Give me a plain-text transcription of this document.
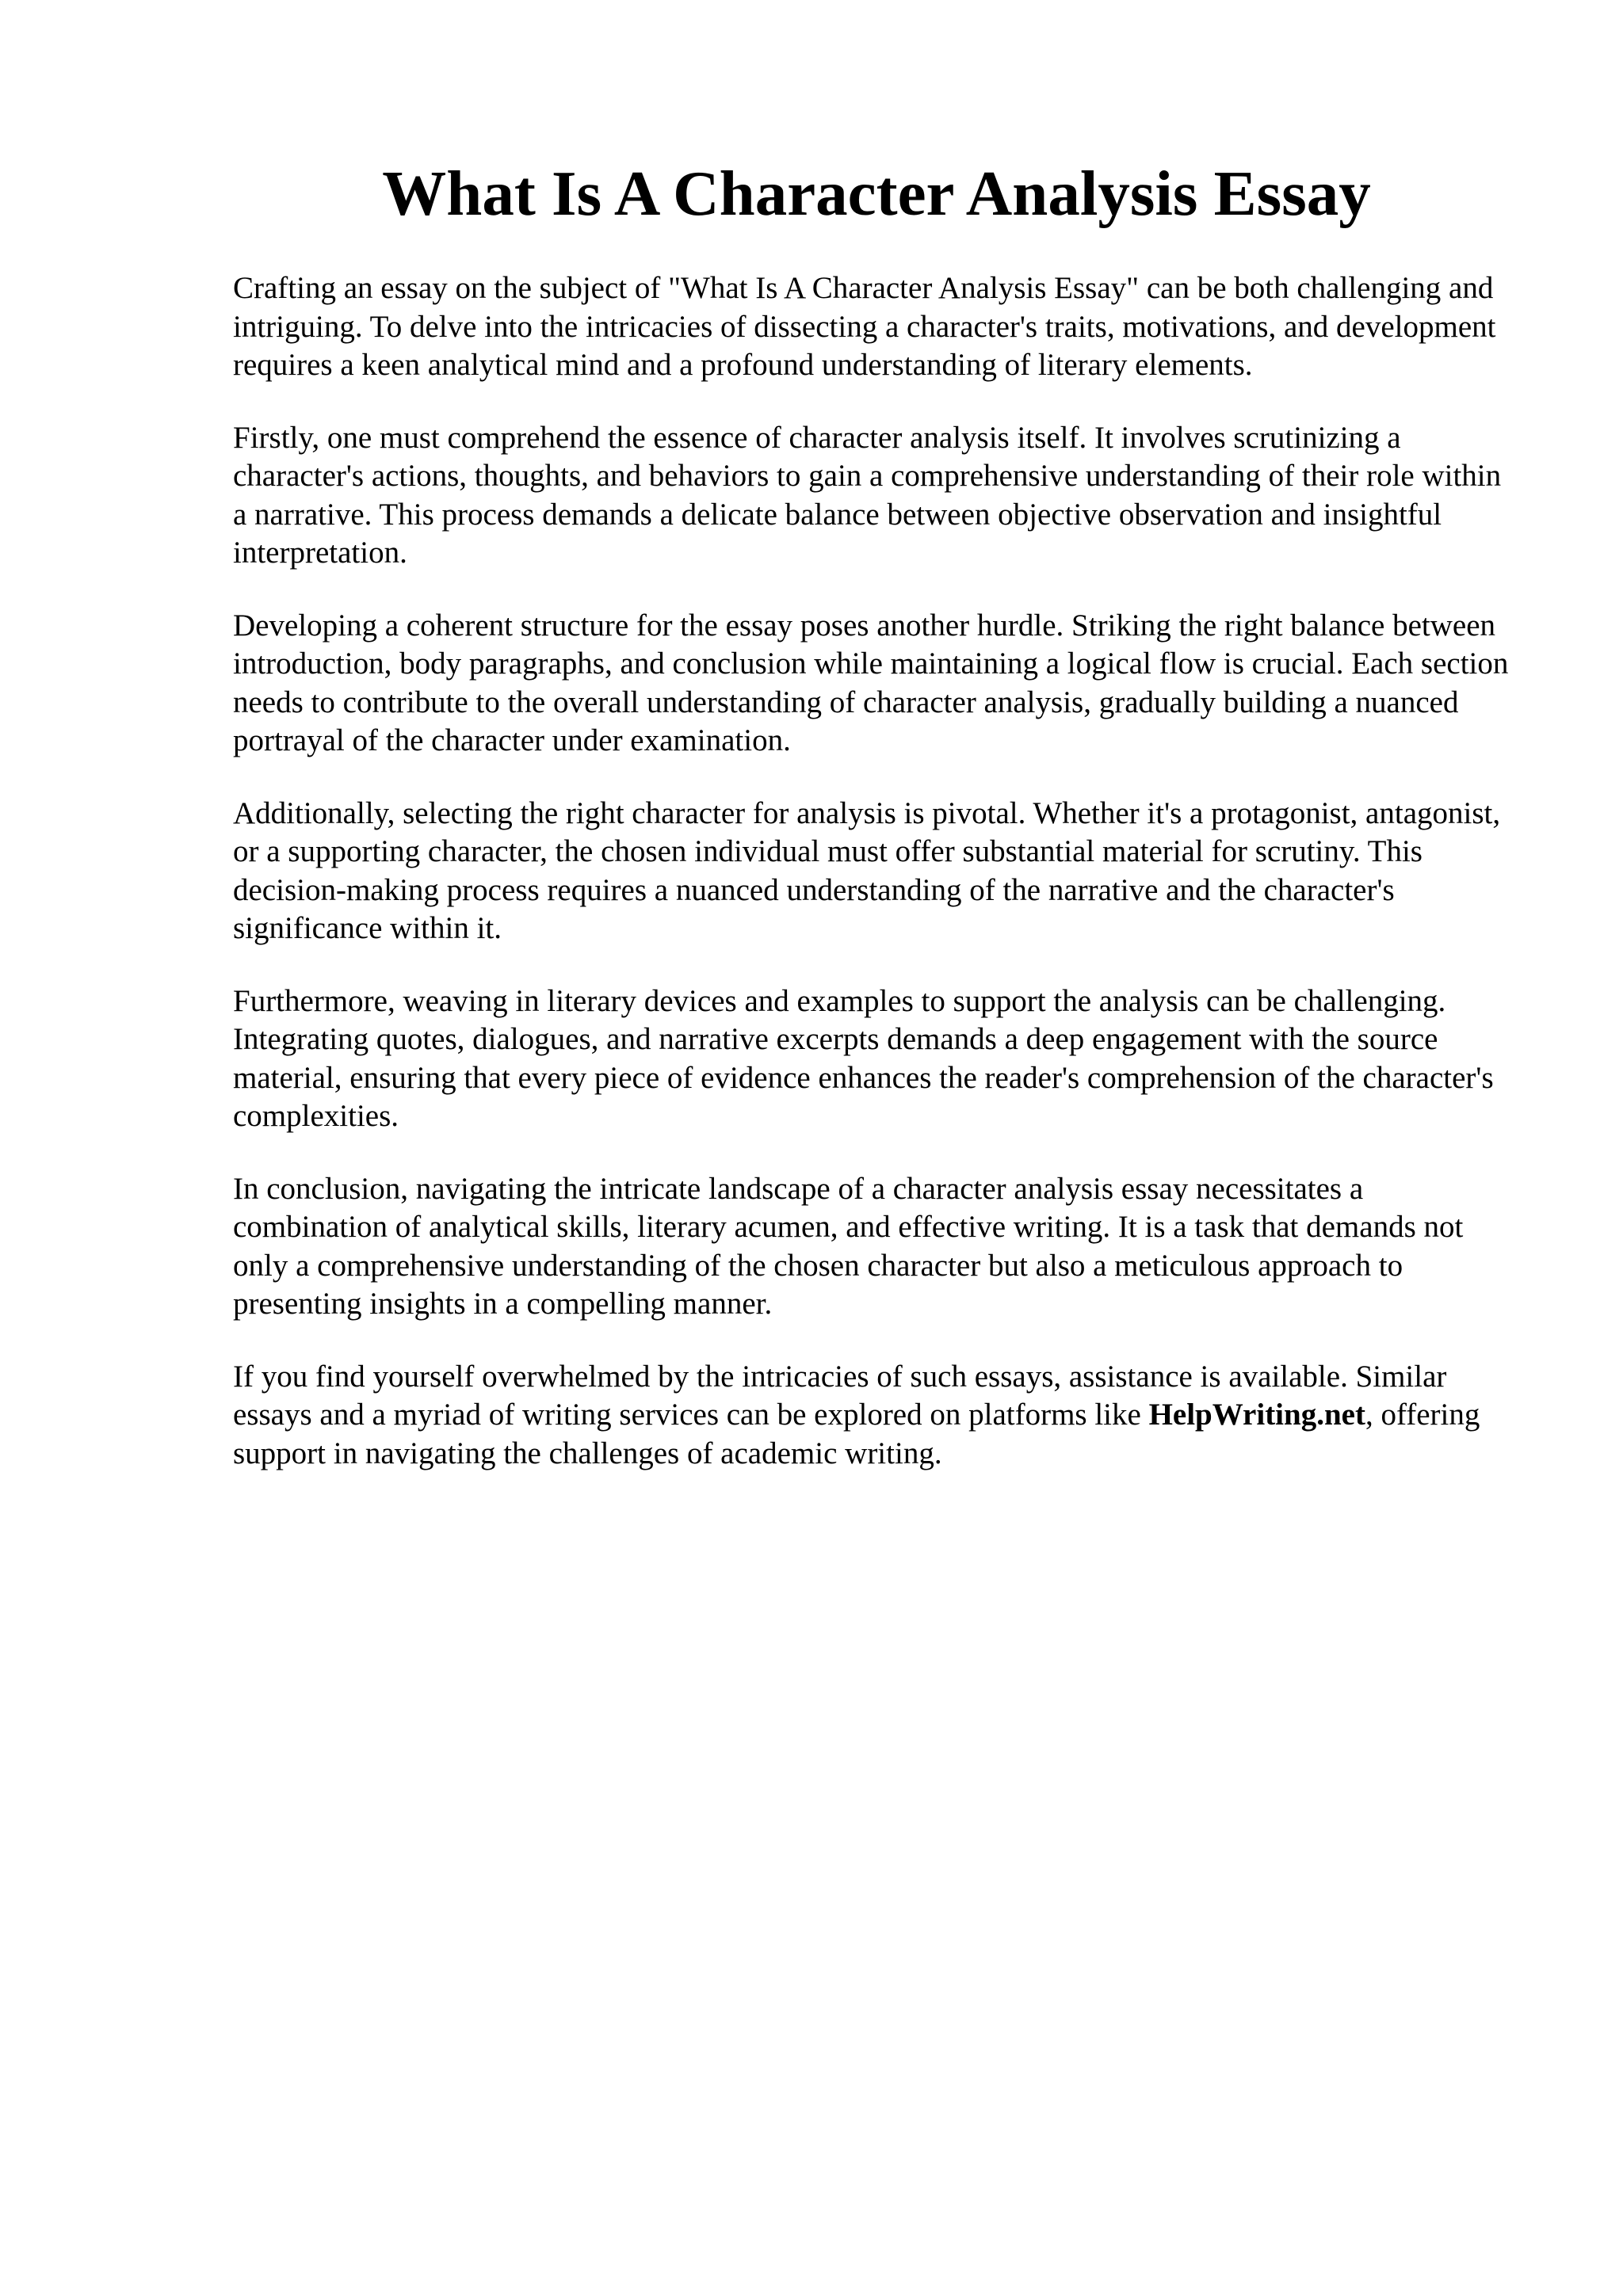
What Is A Character Analysis Essay

Crafting an essay on the subject of "What Is A Character Analysis Essay" can be both challenging and intriguing. To delve into the intricacies of dissecting a character's traits, motivations, and development requires a keen analytical mind and a profound understanding of literary elements.

Firstly, one must comprehend the essence of character analysis itself. It involves scrutinizing a character's actions, thoughts, and behaviors to gain a comprehensive understanding of their role within a narrative. This process demands a delicate balance between objective observation and insightful interpretation.

Developing a coherent structure for the essay poses another hurdle. Striking the right balance between introduction, body paragraphs, and conclusion while maintaining a logical flow is crucial. Each section needs to contribute to the overall understanding of character analysis, gradually building a nuanced portrayal of the character under examination.

Additionally, selecting the right character for analysis is pivotal. Whether it's a protagonist, antagonist, or a supporting character, the chosen individual must offer substantial material for scrutiny. This decision-making process requires a nuanced understanding of the narrative and the character's significance within it.

Furthermore, weaving in literary devices and examples to support the analysis can be challenging. Integrating quotes, dialogues, and narrative excerpts demands a deep engagement with the source material, ensuring that every piece of evidence enhances the reader's comprehension of the character's complexities.

In conclusion, navigating the intricate landscape of a character analysis essay necessitates a combination of analytical skills, literary acumen, and effective writing. It is a task that demands not only a comprehensive understanding of the chosen character but also a meticulous approach to presenting insights in a compelling manner.

If you find yourself overwhelmed by the intricacies of such essays, assistance is available. Similar essays and a myriad of writing services can be explored on platforms like HelpWriting.net, offering support in navigating the challenges of academic writing.
